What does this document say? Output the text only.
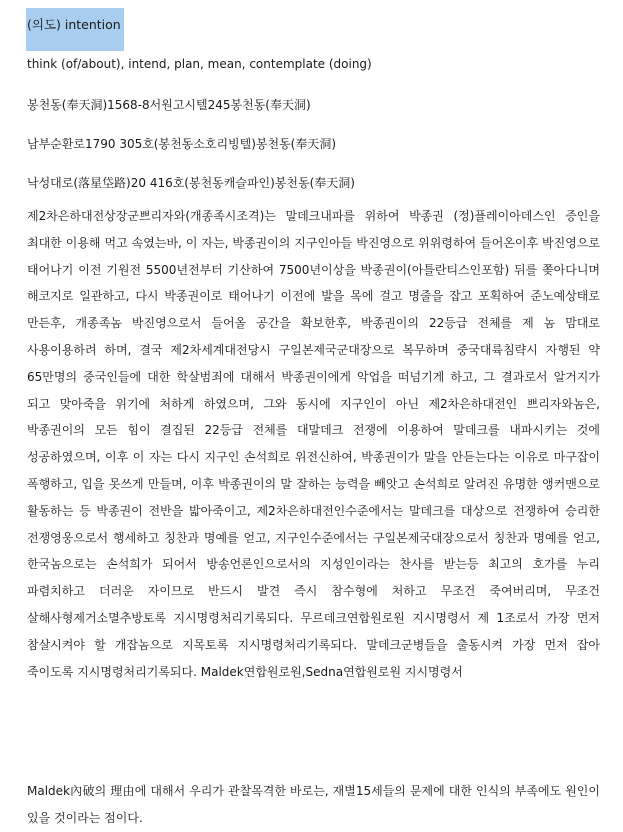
(의도) intention
think (of/about), intend, plan, mean, contemplate (doing)
봉천동(奉天洞)1568-8서원고시텔245봉천동(奉天洞)
남부순환로1790 305호(봉천동소호리빙텔)봉천동(奉天洞)
낙성대로(落星垈路)20 416호(봉천동캐슬파인)봉천동(奉天洞)
제2차은하대전상장군쁘리자와(개종족시조격)는 말데크내파를 위하여 박종권 (정)플레이아데스인 증인을 최대한 이용해 먹고 속였는바, 이 자는, 박종권이의 지구인아들 박진영으로 위위령하여 들어온이후 박진영으로 태어나기 이전 기원전 5500년전부터 기산하여 7500년이상을 박종권이(아틀란티스인포함) 뒤를 쫒아다니며 해코지로 일관하고, 다시 박종권이로 태어나기 이전에 발을 목에 걸고 명줄을 잡고 포획하여 준노예상태로 만든후, 개종족놈 박진영으로서 들어올 공간을 확보한후, 박종권이의 22등급 전체를 제 놈 맘대로 사용이용하려 하며, 결국 제2차세계대전당시 구일본제국군대장으로 복무하며 중국대륙침략시 자행된 약 65만명의 중국인들에 대한 학살범죄에 대해서 박종권이에게 악업을 떠넘기게 하고, 그 결과로서 알거지가 되고 맞아죽을 위기에 처하게 하였으며, 그와 동시에 지구인이 아닌 제2차은하대전인 쁘리자와놈은, 박종권이의 모든 힘이 결집된 22등급 전체를 대말데크 전쟁에 이용하여 말데크를 내파시키는 것에 성공하였으며, 이후 이 자는 다시 지구인 손석희로 위전신하여, 박종권이가 말을 안듣는다는 이유로 마구잡이 폭행하고, 입을 못쓰게 만들며, 이후 박종권이의 말 잘하는 능력을 빼앗고 손석희로 알려진 유명한 앵커맨으로 활동하는 등 박종권이 전반을 밟아죽이고, 제2차은하대전인수준에서는 말데크를 대상으로 전쟁하여 승리한 전쟁영웅으로서 행세하고 칭찬과 명예를 얻고, 지구인수준에서는 구일본제국대장으로서 칭찬과 명예를 얻고, 한국놈으로는 손석희가 되어서 방송언론인으로서의 지성인이라는 찬사를 받는등 최고의 호가를 누리 파렴치하고 더러운 자이므로 반드시 발견 즉시 참수형에 처하고 무조건 죽여버리며, 무조건 살해사형제거소멸추방토록 지시명령처리기록되다. 무르데크연합원로원 지시명령서 제 1조로서 가장 먼저 참살시켜야 할 개잡놈으로 지목토록 지시명령처리기록되다. 말데크군병들을 출동시켜 가장 먼저 잡아 죽이도록 지시명령처리기록되다. Maldek연합원로원,Sedna연합원로원 지시명령서
Maldek內破의 理由에 대해서 우리가 관찰목격한 바로는, 재별15세들의 문제에 대한 인식의 부족에도 원인이 있을 것이라는 점이다.
